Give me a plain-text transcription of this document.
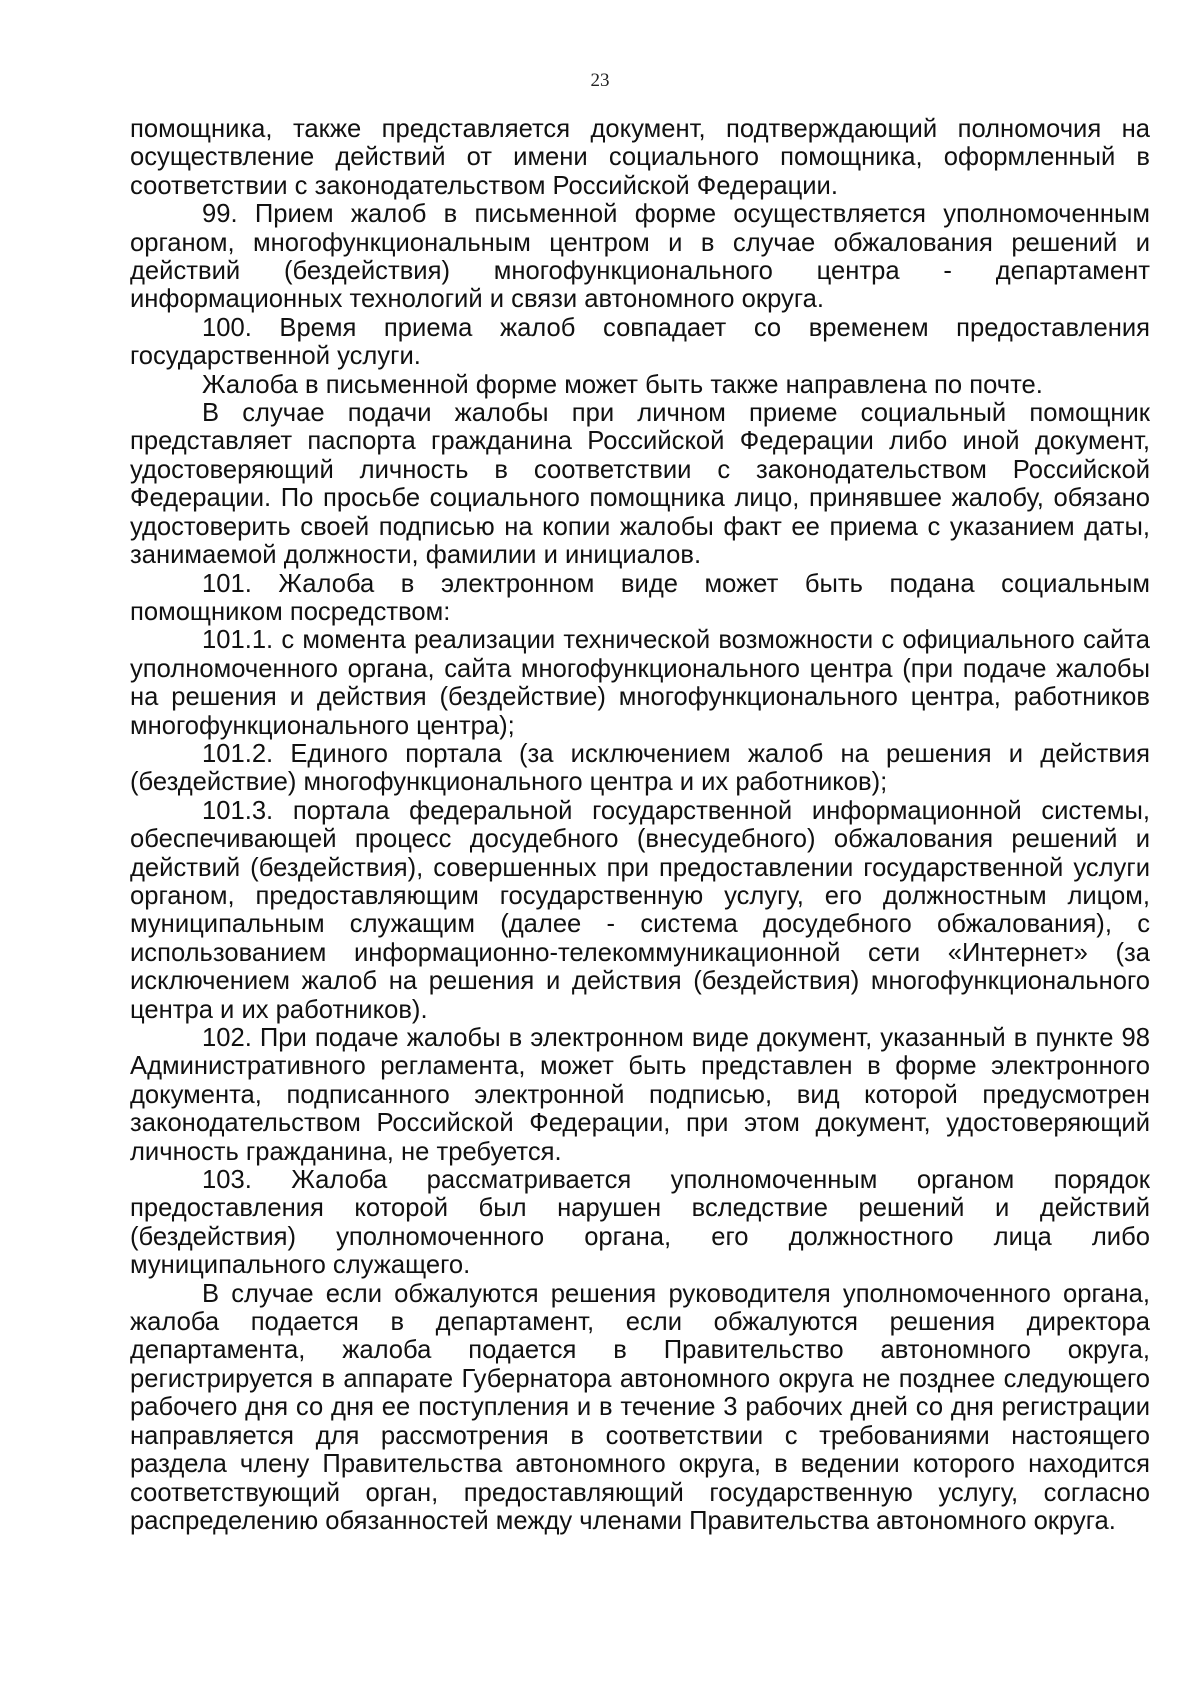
23

помощника, также представляется документ, подтверждающий полномочия на осуществление действий от имени социального помощника, оформленный в соответствии с законодательством Российской Федерации.

99. Прием жалоб в письменной форме осуществляется уполномоченным органом, многофункциональным центром и в случае обжалования решений и действий (бездействия) многофункционального центра - департамент информационных технологий и связи автономного округа.

100. Время приема жалоб совпадает со временем предоставления государственной услуги.

Жалоба в письменной форме может быть также направлена по почте.

В случае подачи жалобы при личном приеме социальный помощник представляет паспорта гражданина Российской Федерации либо иной документ, удостоверяющий личность в соответствии с законодательством Российской Федерации. По просьбе социального помощника лицо, принявшее жалобу, обязано удостоверить своей подписью на копии жалобы факт ее приема с указанием даты, занимаемой должности, фамилии и инициалов.

101. Жалоба в электронном виде может быть подана социальным помощником посредством:

101.1. с момента реализации технической возможности с официального сайта уполномоченного органа, сайта многофункционального центра (при подаче жалобы на решения и действия (бездействие) многофункционального центра, работников многофункционального центра);

101.2. Единого портала (за исключением жалоб на решения и действия (бездействие) многофункционального центра и их работников);

101.3. портала федеральной государственной информационной системы, обеспечивающей процесс досудебного (внесудебного) обжалования решений и действий (бездействия), совершенных при предоставлении государственной услуги органом, предоставляющим государственную услугу, его должностным лицом, муниципальным служащим (далее - система досудебного обжалования), с использованием информационно-телекоммуникационной сети «Интернет» (за исключением жалоб на решения и действия (бездействия) многофункционального центра и их работников).

102. При подаче жалобы в электронном виде документ, указанный в пункте 98 Административного регламента, может быть представлен в форме электронного документа, подписанного электронной подписью, вид которой предусмотрен законодательством Российской Федерации, при этом документ, удостоверяющий личность гражданина, не требуется.

103. Жалоба рассматривается уполномоченным органом порядок предоставления которой был нарушен вследствие решений и действий (бездействия) уполномоченного органа, его должностного лица либо муниципального служащего.

В случае если обжалуются решения руководителя уполномоченного органа, жалоба подается в департамент, если обжалуются решения директора департамента, жалоба подается в Правительство автономного округа, регистрируется в аппарате Губернатора автономного округа не позднее следующего рабочего дня со дня ее поступления и в течение 3 рабочих дней со дня регистрации направляется для рассмотрения в соответствии с требованиями настоящего раздела члену Правительства автономного округа, в ведении которого находится соответствующий орган, предоставляющий государственную услугу, согласно распределению обязанностей между членами Правительства автономного округа.
